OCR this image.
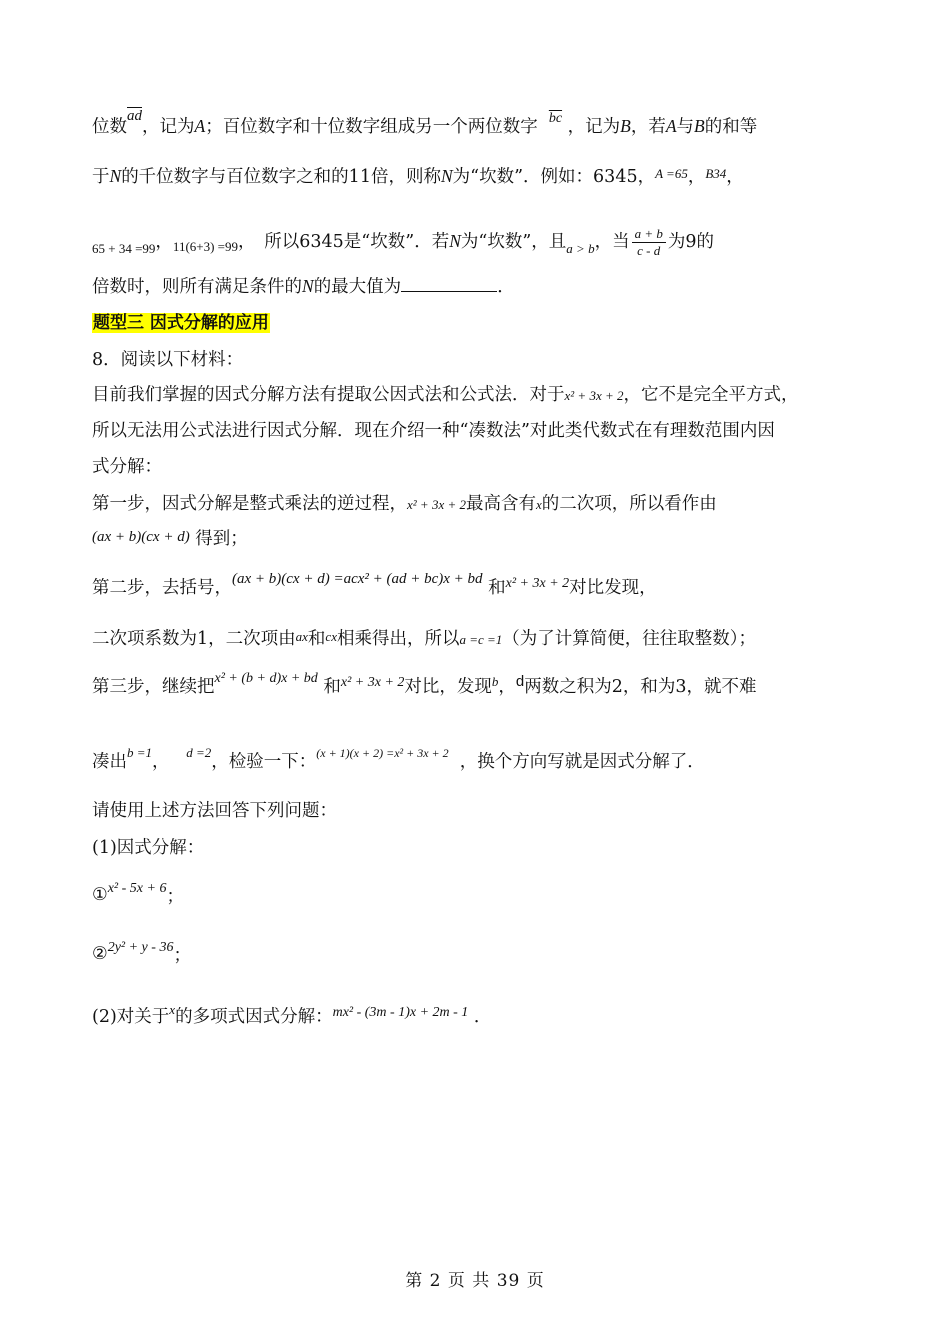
位数$\overline{ad}$，记为A；百位数字和十位数字组成另一个两位数字 $^{\overline{bc}}$ ，记为B，若A与B的和等
于N的千位数字与百位数字之和的11倍，则称N为“坎数”．例如：6345，$^{A =65}$，$^{B34}$，
$_{65 + 34 =99}$，$_{11(6+3) =99}$，　所以6345是“坎数”．若N为“坎数”，且$_{a > b}$，当 $\frac{a + b}{c - d}$ 为9的
倍数时，则所有满足条件的N的最大值为	．
题型三 因式分解的应用
8．阅读以下材料：
目前我们掌握的因式分解方法有提取公因式法和公式法．对于x² + 3x + 2，它不是完全平方式，
所以无法用公式法进行因式分解．现在介绍一种“凑数法”对此类代数式在有理数范围内因
式分解：
第一步，因式分解是整式乘法的逆过程，x² + 3x + 2最高含有x的二次项，所以看作由
(ax + b)(cx + d) 得到；
第二步，去括号，(ax + b)(cx + d) =acx² + (ad + bc)x + bd 和$^{x^2 + 3x + 2}$对比发现，
二次项系数为1，二次项由ax和cx相乘得出，所以a =c =1（为了计算简便，往往取整数）；
第三步，继续把$^{x^2 + (b + d)x + bd}$ 和$^{x^2 + 3x + 2}$对比，发现$^b$，d两数之积为2，和为3，就不难
凑出$^{b =1}$， $^{d =2}$，检验一下：$^{(x + 1)(x + 2) =x^2 + 3x + 2}$ ，换个方向写就是因式分解了．
请使用上述方法回答下列问题：
(1)因式分解：
①x² - 5x + 6；
②2y² + y - 36；
(2)对关于$^x$的多项式因式分解：$^{mx^2 - (3m - 1)x + 2m - 1}$ ．
第 2 页 共 39 页
